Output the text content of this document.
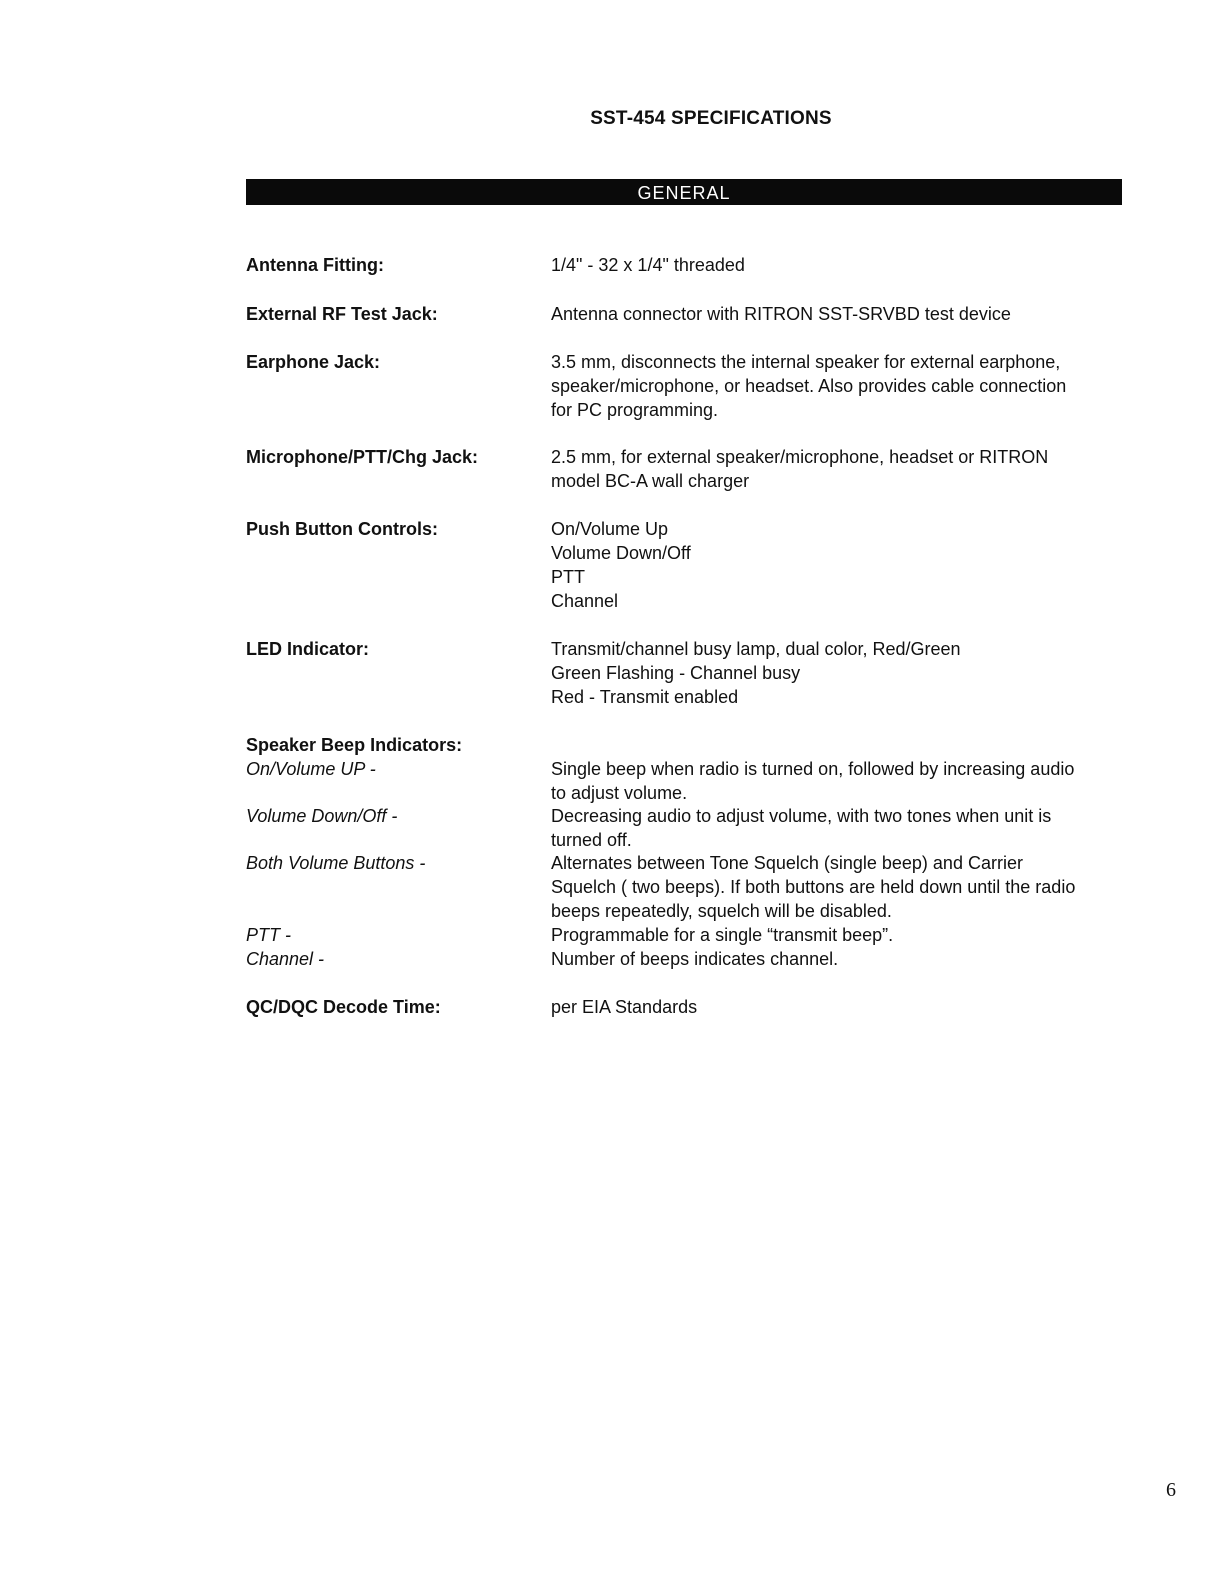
SST-454 SPECIFICATIONS
GENERAL
Antenna Fitting:	1/4" - 32 x 1/4" threaded
External RF Test Jack:	Antenna connector with RITRON SST-SRVBD test device
Earphone Jack:	3.5 mm, disconnects the internal speaker for external earphone,
speaker/microphone, or headset. Also provides cable connection
for PC programming.
Microphone/PTT/Chg Jack:	2.5 mm, for external speaker/microphone, headset or RITRON
model BC-A wall charger
Push Button Controls:	On/Volume Up
Volume Down/Off
PTT
Channel
LED Indicator:	Transmit/channel busy lamp, dual color, Red/Green
Green Flashing - Channel busy
Red - Transmit enabled
Speaker Beep Indicators:
On/Volume UP -	Single beep when radio is turned on, followed by increasing audio
to adjust volume.
Volume Down/Off -	Decreasing audio to adjust volume, with two tones when unit is
turned off.
Both Volume Buttons -	Alternates between Tone Squelch (single beep) and Carrier
Squelch ( two beeps). If both buttons are held down until the radio
beeps repeatedly, squelch will be disabled.
PTT -	Programmable for a single “transmit beep”.
Channel -	Number of beeps indicates channel.
QC/DQC Decode Time:	per EIA Standards
6
